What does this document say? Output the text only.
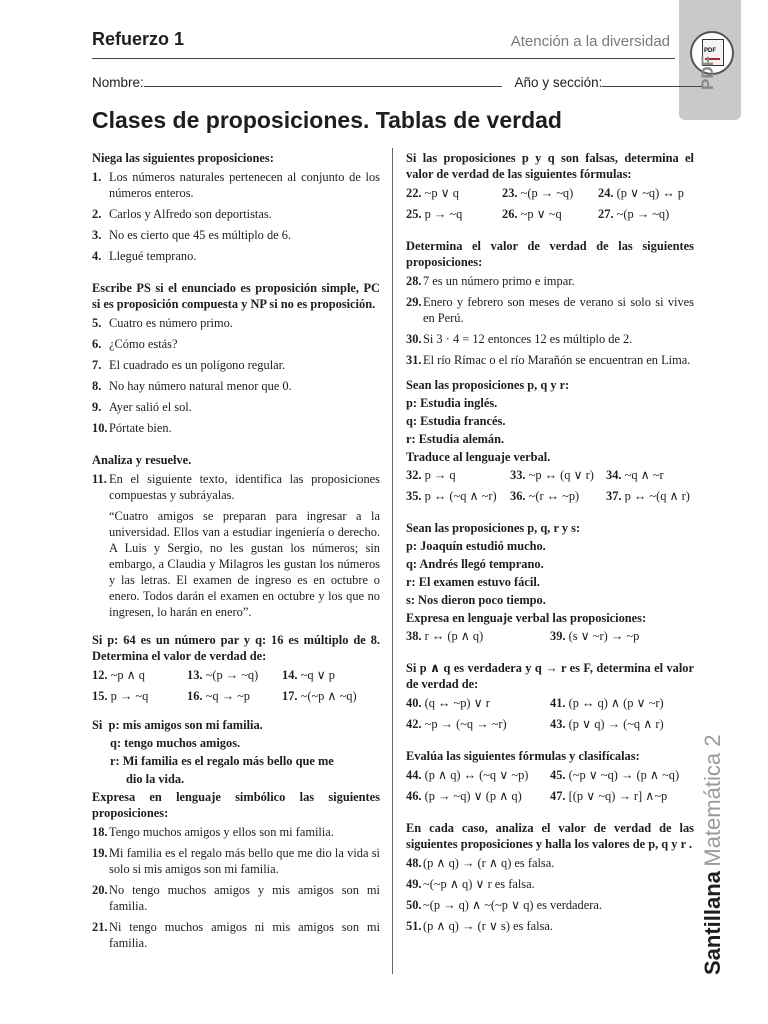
Refuerzo 1	Atención a la diversidad
PDF
PDF
Nombre:	Año y sección:
Clases de proposiciones. Tablas de verdad
Niega las siguientes proposiciones:
1. Los números naturales pertenecen al conjunto de los números enteros.
2. Carlos y Alfredo son deportistas.
3. No es cierto que 45 es múltiplo de 6.
4. Llegué temprano.
Escribe PS si el enunciado es proposición simple, PC si es proposición compuesta y NP si no es proposición.
5. Cuatro es número primo.
6. ¿Cómo estás?
7. El cuadrado es un polígono regular.
8. No hay número natural menor que 0.
9. Ayer salió el sol.
10. Pórtate bien.
Analiza y resuelve.
11. En el siguiente texto, identifica las proposiciones compuestas y subráyalas.
“Cuatro amigos se preparan para ingresar a la universidad. Ellos van a estudiar ingeniería o derecho. A Luis y Sergio, no les gustan los números; sin embargo, a Claudia y Milagros les gustan los números y las letras. El examen de ingreso es en octubre o enero. Todos darán el examen en octubre y los que no ingresen, lo harán en enero”.
Si p: 64 es un número par y q: 16 es múltiplo de 8. Determina el valor de verdad de:
12. ~p ∧ q	13. ~(p → ~q)	14. ~q ∨ p
15. p → ~q	16. ~q → ~p	17. ~(~p ∧ ~q)
Si p: mis amigos son mi familia.
q: tengo muchos amigos.
r: Mi familia es el regalo más bello que me
dio la vida.
Expresa en lenguaje simbólico las siguientes proposiciones:
18. Tengo muchos amigos y ellos son mi familia.
19. Mi familia es el regalo más bello que me dio la vida si solo si mis amigos son mi familia.
20. No tengo muchos amigos y mis amigos son mi familia.
21. Ni tengo muchos amigos ni mis amigos son mi familia.
Si las proposiciones p y q son falsas, determina el valor de verdad de las siguientes fórmulas:
22. ~p ∨ q	23. ~(p → ~q)	24. (p ∨ ~q) ↔ p
25. p → ~q	26. ~p ∨ ~q	27. ~(p → ~q)
Determina el valor de verdad de las siguientes proposiciones:
28. 7 es un número primo e impar.
29. Enero y febrero son meses de verano si solo si vives en Perú.
30. Si 3 · 4 = 12 entonces 12 es múltiplo de 2.
31. El río Rímac o el río Marañón se encuentran en Lima.
Sean las proposiciones p, q y r:
p: Estudia inglés.
q: Estudia francés.
r: Estudia alemán.
Traduce al lenguaje verbal.
32. p → q	33. ~p ↔ (q ∨ r) 34. ~q ∧ ~r
35. p ↔ (~q ∧ ~r)	36. ~(r ↔ ~p)	37. p ↔ ~(q ∧ r)
Sean las proposiciones p, q, r y s:
p: Joaquín estudió mucho.
q: Andrés llegó temprano.
r: El examen estuvo fácil.
s: Nos dieron poco tiempo.
Expresa en lenguaje verbal las proposiciones:
38. r ↔ (p ∧ q)	39. (s ∨ ~r) → ~p
Si p ∧ q es verdadera y q → r es F, determina el valor de verdad de:
40. (q ↔ ~p) ∨ r	41. (p ↔ q) ∧ (p ∨ ~r)
42. ~p → (~q → ~r)	43. (p ∨ q) → (~q ∧ r)
Evalúa las siguientes fórmulas y clasifícalas:
44. (p ∧ q) ↔ (~q ∨ ~p)	45. (~p ∨ ~q) → (p ∧ ~q)
46. (p → ~q) ∨ (p ∧ q)	47. [(p ∨ ~q) → r] ∧~p
En cada caso, analiza el valor de verdad de las siguientes proposiciones y halla los valores de p, q y r .
48. (p ∧ q) → (r ∧ q) es falsa.
49. ~(~p ∧ q) ∨ r es falsa.
50. ~(p → q) ∧ ~(~p ∨ q) es verdadera.
51. (p ∧ q) → (r ∨ s) es falsa.	Santillana Matemática 2
